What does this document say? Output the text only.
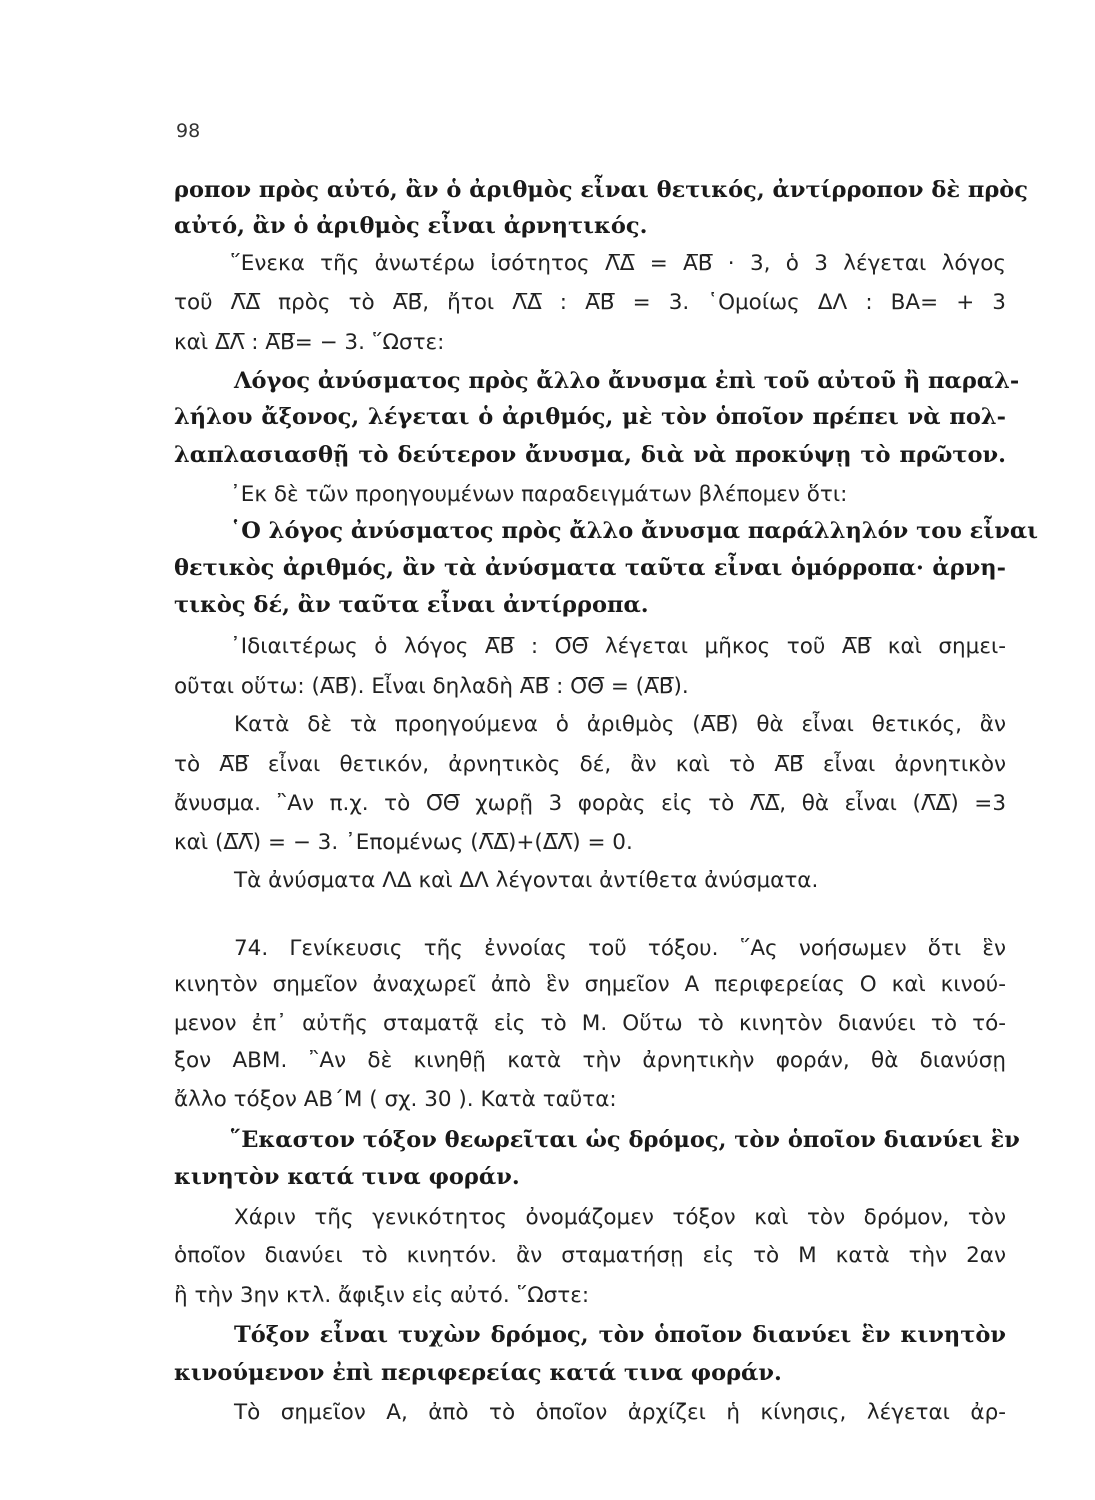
98
ροπον πρὸς αὐτό, ἂν ὁ ἀριθμὸς εἶναι θετικός, ἀντίρροπον δὲ πρὸς
αὐτό, ἂν ὁ ἀριθμὸς εἶναι ἀρνητικός.
῞Ενεκα τῆς ἀνωτέρω ἰσότητος Λ̅Δ̅ = Α̅Β̅ · 3, ὁ 3 λέγεται λόγος
τοῦ Λ̅Δ̅ πρὸς τὸ Α̅Β̅, ἤτοι Λ̅Δ̅ : Α̅Β̅ = 3. ῾Ομοίως ΔΛ : ΒΑ= + 3
καὶ Δ̅Λ̅ : Α̅Β̅= − 3. ῞Ωστε:
Λόγος ἀνύσματος πρὸς ἄλλο ἄνυσμα ἐπὶ τοῦ αὐτοῦ ἢ παραλ-
λήλου ἄξονος, λέγεται ὁ ἀριθμός, μὲ τὸν ὁποῖον πρέπει νὰ πολ-
λαπλασιασθῇ τὸ δεύτερον ἄνυσμα, διὰ νὰ προκύψῃ τὸ πρῶτον.
᾿Εκ δὲ τῶν προηγουμένων παραδειγμάτων βλέπομεν ὅτι:
῾Ο λόγος ἀνύσματος πρὸς ἄλλο ἄνυσμα παράλληλόν του εἶναι
θετικὸς ἀριθμός, ἂν τὰ ἀνύσματα ταῦτα εἶναι ὁμόρροπα· ἀρνη-
τικὸς δέ, ἂν ταῦτα εἶναι ἀντίρροπα.
᾿Ιδιαιτέρως ὁ λόγος Α̅Β̅ : Ο̅Θ̅ λέγεται μῆκος τοῦ Α̅Β̅ καὶ σημει-
οῦται οὕτω: (Α̅Β̅). Εἶναι δηλαδὴ Α̅Β̅ : Ο̅Θ̅ = (Α̅Β̅).
Κατὰ δὲ τὰ προηγούμενα ὁ ἀριθμὸς (Α̅Β̅) θὰ εἶναι θετικός, ἂν
τὸ Α̅Β̅ εἶναι θετικόν, ἀρνητικὸς δέ, ἂν καὶ τὸ Α̅Β̅ εἶναι ἀρνητικὸν
ἄνυσμα. ῍Αν π.χ. τὸ Ο̅Θ̅ χωρῇ 3 φορὰς εἰς τὸ Λ̅Δ̅, θὰ εἶναι (Λ̅Δ̅) =3
καὶ (Δ̅Λ̅) = − 3. ᾿Επομένως (Λ̅Δ̅)+(Δ̅Λ̅) = 0.
Τὰ ἀνύσματα ΛΔ καὶ ΔΛ λέγονται ἀντίθετα ἀνύσματα.
74. Γενίκευσις τῆς ἐννοίας τοῦ τόξου. ῞Ας νοήσωμεν ὅτι ἓν
κινητὸν σημεῖον ἀναχωρεῖ ἀπὸ ἓν σημεῖον Α περιφερείας Ο καὶ κινού-
μενον ἐπ᾿ αὐτῆς σταματᾷ εἰς τὸ Μ. Οὕτω τὸ κινητὸν διανύει τὸ τό-
ξον ΑΒΜ. ῍Αν δὲ κινηθῇ κατὰ τὴν ἀρνητικὴν φοράν, θὰ διανύσῃ
ἄλλο τόξον ΑΒ΄Μ ( σχ. 30 ). Κατὰ ταῦτα:
῞Εκαστον τόξον θεωρεῖται ὡς δρόμος, τὸν ὁποῖον διανύει ἓν
κινητὸν κατά τινα φοράν.
Χάριν τῆς γενικότητος ὀνομάζομεν τόξον καὶ τὸν δρόμον, τὸν
ὁποῖον διανύει τὸ κινητόν. ἂν σταματήσῃ εἰς τὸ Μ κατὰ τὴν 2αν
ἢ τὴν 3ην κτλ. ἄφιξιν εἰς αὐτό. ῞Ωστε:
Τόξον εἶναι τυχὼν δρόμος, τὸν ὁποῖον διανύει ἓν κινητὸν
κινούμενον ἐπὶ περιφερείας κατά τινα φοράν.
Τὸ σημεῖον Α, ἀπὸ τὸ ὁποῖον ἀρχίζει ἡ κίνησις, λέγεται ἀρ-
